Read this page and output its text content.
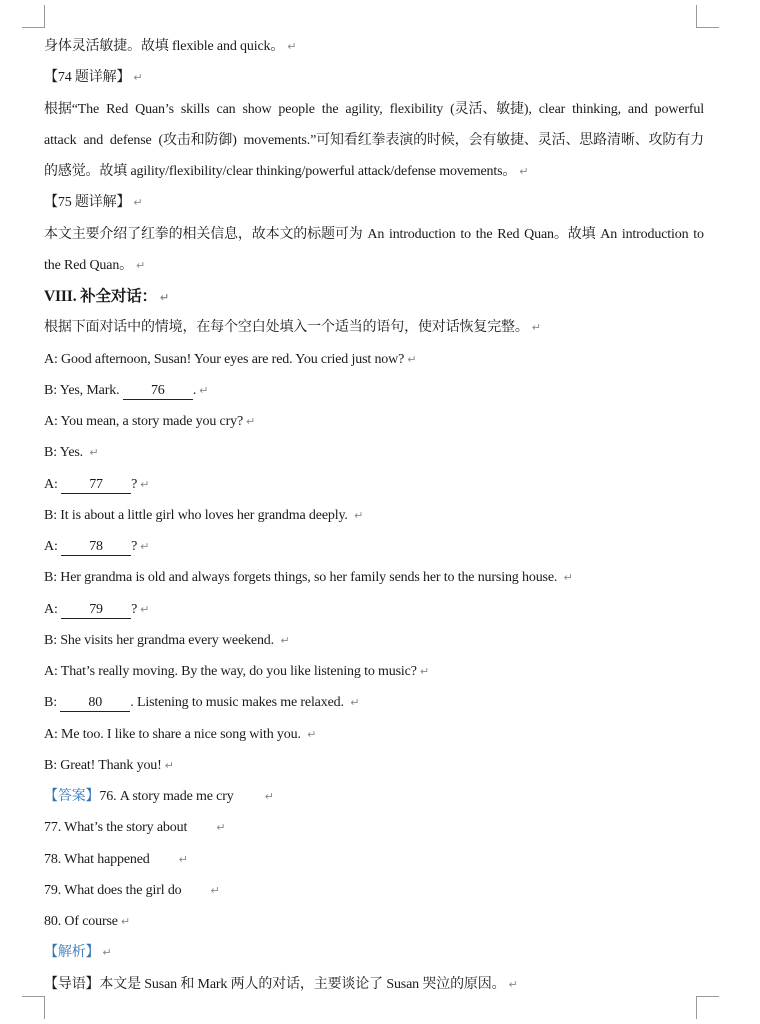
身体灵活敏捷。故填 flexible and quick。 ↵
【74 题详解】 ↵
根据“The Red Quan’s skills can show people the agility, flexibility (灵活、敏捷), clear thinking, and powerful
attack and defense (攻击和防御) movements.”可知看红拳表演的时候，会有敏捷、灵活、思路清晰、攻防有力
的感觉。故填 agility/flexibility/clear thinking/powerful attack/defense movements。 ↵
【75 题详解】 ↵
本文主要介绍了红拳的相关信息，故本文的标题可为 An introduction to the Red Quan。故填 An introduction to
the Red Quan。 ↵
VIII. 补全对话： ↵
根据下面对话中的情境，在每个空白处填入一个适当的语句，使对话恢复完整。 ↵
A: Good afternoon, Susan! Your eyes are red. You cried just now? ↵
B: Yes, Mark. 76 . ↵
A: You mean, a story made you cry? ↵
B: Yes. ↵
A: 77 ? ↵
B: It is about a little girl who loves her grandma deeply. ↵
A: 78 ? ↵
B: Her grandma is old and always forgets things, so her family sends her to the nursing house. ↵
A: 79 ? ↵
B: She visits her grandma every weekend. ↵
A: That’s really moving. By the way, do you like listening to music? ↵
B: 80 . Listening to music makes me relaxed. ↵
A: Me too. I like to share a nice song with you. ↵
B: Great! Thank you! ↵
【答案】76. A story made me cry	↵
77. What’s the story about	↵
78. What happened	↵
79. What does the girl do	↵
80. Of course ↵
【解析】 ↵
【导语】本文是 Susan 和 Mark 两人的对话，主要谈论了 Susan 哭泣的原因。 ↵
